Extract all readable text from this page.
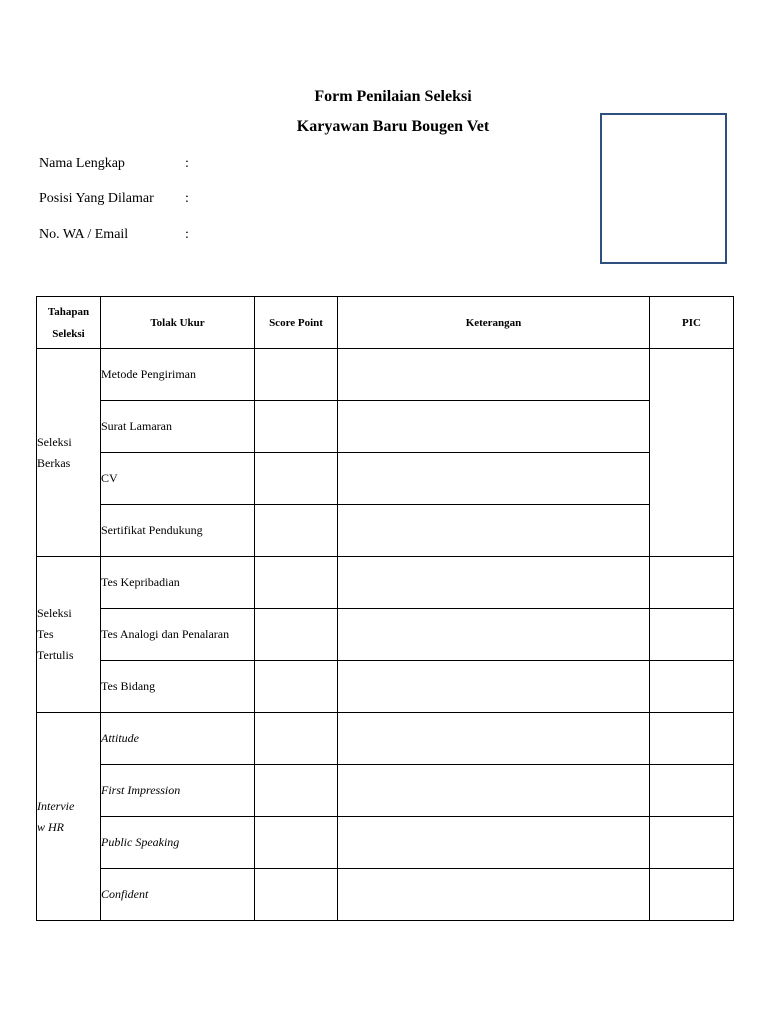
Form Penilaian Seleksi
Karyawan Baru Bougen Vet
Nama Lengkap	:
Posisi Yang Dilamar :
No. WA / Email	:
Tahapan
Seleksi	Tolak Ukur	Score Point	Keterangan	PIC

Seleksi
Berkas	Metode Pengiriman			
	Surat Lamaran			
	CV			
	Sertifikat Pendukung			

Seleksi
Tes
Tertulis	Tes Kepribadian			
	Tes Analogi dan Penalaran			
	Tes Bidang			

Intervie
w HR	Attitude			
	First Impression			
	Public Speaking			
	Confident			
